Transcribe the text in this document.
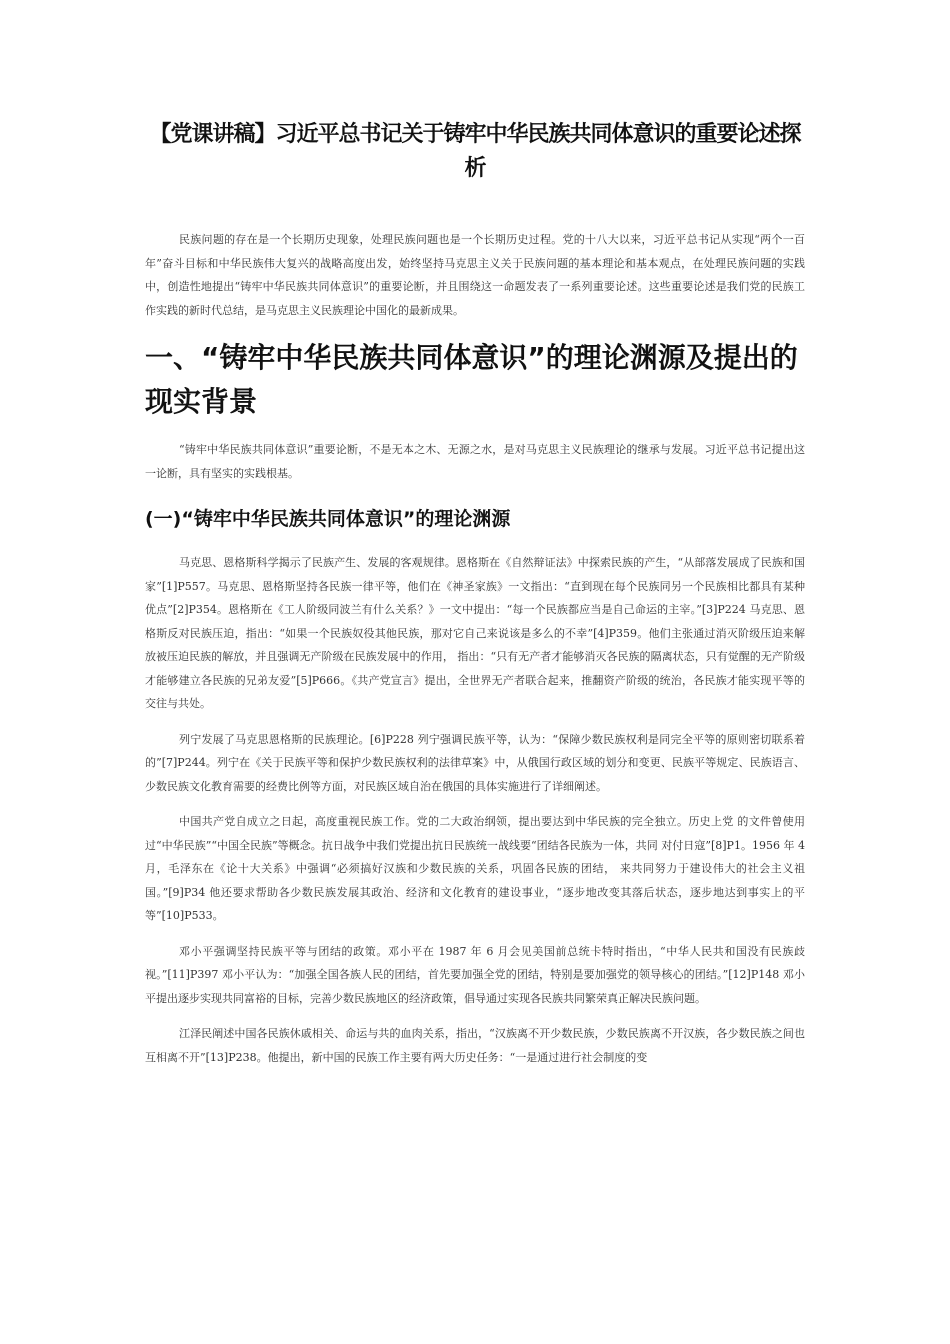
【党课讲稿】习近平总书记关于铸牢中华民族共同体意识的重要论述探析

民族问题的存在是一个长期历史现象，处理民族问题也是一个长期历史过程。党的十八大以来，习近平总书记从实现“两个一百年”奋斗目标和中华民族伟大复兴的战略高度出发，始终坚持马克思主义关于民族问题的基本理论和基本观点，在处理民族问题的实践中，创造性地提出“铸牢中华民族共同体意识”的重要论断，并且围绕这一命题发表了一系列重要论述。这些重要论述是我们党的民族工作实践的新时代总结，是马克思主义民族理论中国化的最新成果。

一、“铸牢中华民族共同体意识”的理论渊源及提出的现实背景

“铸牢中华民族共同体意识”重要论断，不是无本之木、无源之水，是对马克思主义民族理论的继承与发展。习近平总书记提出这一论断，具有坚实的实践根基。

(一)“铸牢中华民族共同体意识”的理论渊源

马克思、恩格斯科学揭示了民族产生、发展的客观规律。恩格斯在《自然辩证法》中探索民族的产生，“从部落发展成了民族和国家”[1]P557。马克思、恩格斯坚持各民族一律平等，他们在《神圣家族》一文指出：“直到现在每个民族同另一个民族相比都具有某种优点”[2]P354。恩格斯在《工人阶级同波兰有什么关系？》一文中提出：“每一个民族都应当是自己命运的主宰。”[3]P224 马克思、恩格斯反对民族压迫，指出：“如果一个民族奴役其他民族，那对它自己来说该是多么的不幸”[4]P359。他们主张通过消灭阶级压迫来解放被压迫民族的解放，并且强调无产阶级在民族发展中的作用， 指出：“只有无产者才能够消灭各民族的隔离状态，只有觉醒的无产阶级才能够建立各民族的兄弟友爱”[5]P666。《共产党宣言》提出，全世界无产者联合起来，推翻资产阶级的统治，各民族才能实现平等的交往与共处。

列宁发展了马克思恩格斯的民族理论。[6]P228 列宁强调民族平等，认为：“保障少数民族权利是同完全平等的原则密切联系着的”[7]P244。列宁在《关于民族平等和保护少数民族权利的法律草案》中，从俄国行政区域的划分和变更、民族平等规定、民族语言、少数民族文化教育需要的经费比例等方面，对民族区域自治在俄国的具体实施进行了详细阐述。

中国共产党自成立之日起，高度重视民族工作。党的二大政治纲领，提出要达到中华民族的完全独立。历史上党 的文件曾使用过“中华民族”“中国全民族”等概念。抗日战争中我们党提出抗日民族统一战线要“团结各民族为一体，共同 对付日寇”[8]P1。1956 年 4 月，毛泽东在《论十大关系》中强调“必须搞好汉族和少数民族的关系，巩固各民族的团结， 来共同努力于建设伟大的社会主义祖国。”[9]P34 他还要求帮助各少数民族发展其政治、经济和文化教育的建设事业，“逐步地改变其落后状态，逐步地达到事实上的平等”[10]P533。

邓小平强调坚持民族平等与团结的政策。邓小平在 1987 年 6 月会见美国前总统卡特时指出，“中华人民共和国没有民族歧视。”[11]P397 邓小平认为：“加强全国各族人民的团结，首先要加强全党的团结，特别是要加强党的领导核心的团结。”[12]P148 邓小平提出逐步实现共同富裕的目标，完善少数民族地区的经济政策，倡导通过实现各民族共同繁荣真正解决民族问题。

江泽民阐述中国各民族休戚相关、命运与共的血肉关系，指出，“汉族离不开少数民族，少数民族离不开汉族，各少数民族之间也互相离不开”[13]P238。他提出，新中国的民族工作主要有两大历史任务：“一是通过进行社会制度的变
